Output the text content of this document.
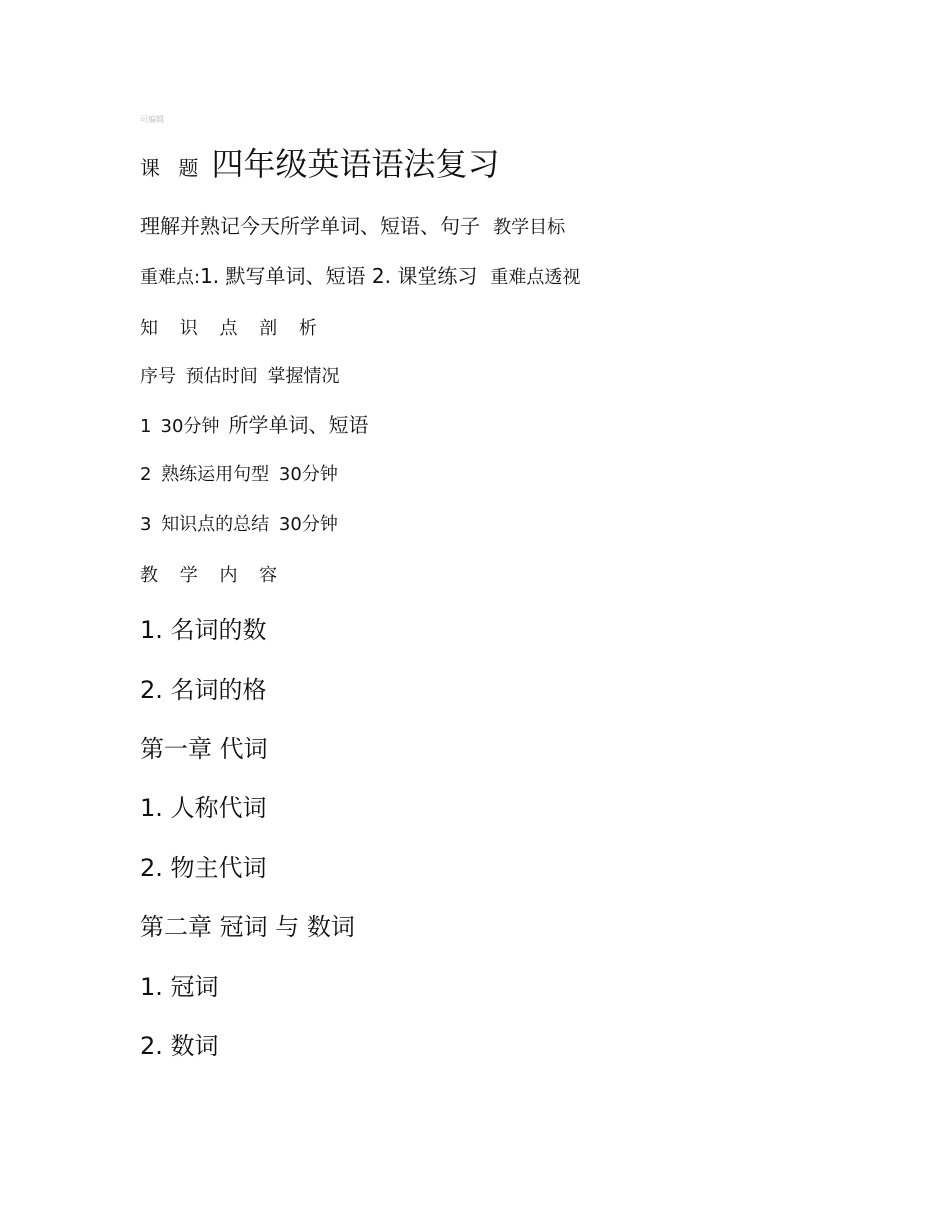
可编辑
课 题 四年级英语语法复习
理解并熟记今天所学单词、短语、句子 教学目标
重难点:1. 默写单词、短语 2. 课堂练习 重难点透视
知 识 点 剖 析
序号 预估时间 掌握情况
1 30分钟 所学单词、短语
2 熟练运用句型 30分钟
3 知识点的总结 30分钟
教 学 内 容
1. 名词的数
2. 名词的格
第一章 代词
1. 人称代词
2. 物主代词
第二章 冠词 与 数词
1. 冠词
2. 数词
